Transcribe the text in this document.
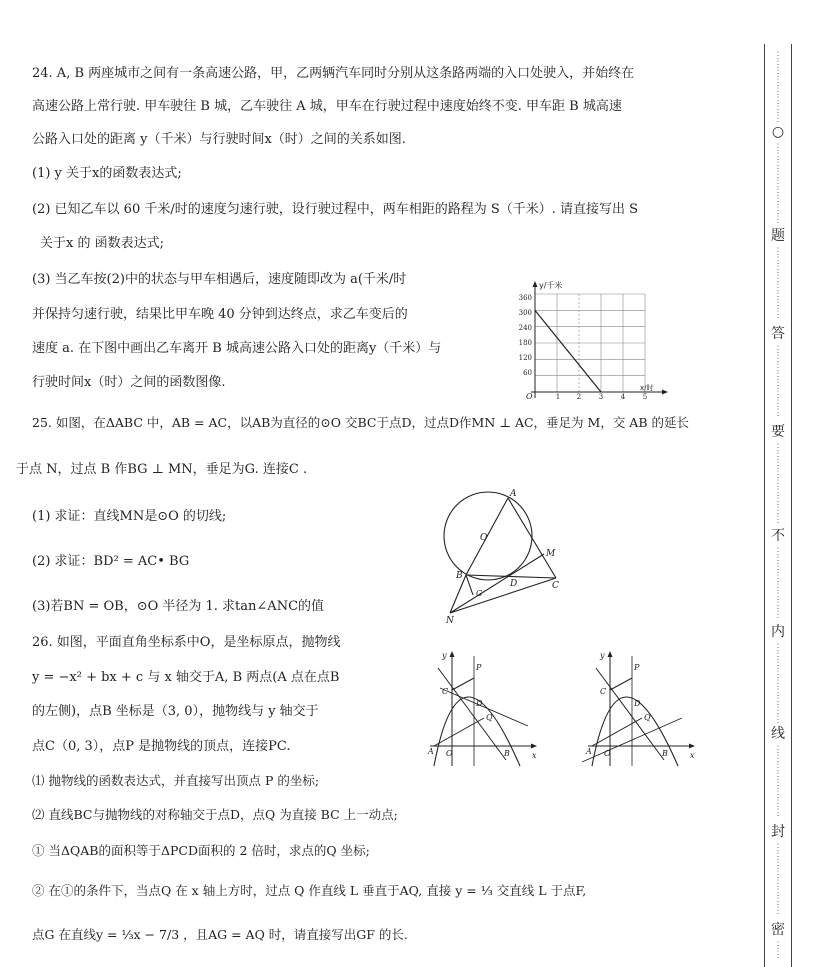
24. A, B 两座城市之间有一条高速公路，甲，乙两辆汽车同时分别从这条路两端的入口处驶入，并始终在
高速公路上常行驶. 甲车驶往 B 城，乙车驶往 A 城，甲车在行驶过程中速度始终不变. 甲车距 B 城高速
公路入口处的距离 y（千米）与行驶时间x（时）之间的关系如图.
(1) y 关于x的函数表达式;
(2) 已知乙车以 60 千米/时的速度匀速行驶，设行驶过程中，两车相距的路程为 S（千米）. 请直接写出 S
关于x 的 函数表达式;
(3) 当乙车按(2)中的状态与甲车相遇后，速度随即改为 a(千米/时
并保持匀速行驶，结果比甲车晚 40 分钟到达终点，求乙车变后的
速度 a. 在下图中画出乙车离开 B 城高速公路入口处的距离y（千米）与
行驶时间x（时）之间的函数图像.
y/千米
x/时
O
360
300
240
180
120
60
1 2	3	4	5
25. 如图，在ΔABC 中，AB = AC，以AB为直径的⊙O 交BC于点D，过点D作MN ⊥ AC，垂足为 M，交 AB 的延长
于点 N，过点 B 作BG ⊥ MN，垂足为G. 连接C .
(1) 求证：直线MN是⊙O 的切线;
(2) 求证：BD² = AC• BG
(3)若BN = OB，⊙O 半径为 1. 求tan∠ANC的值
A
O
M
B
D	C
G
N
26. 如图，平面直角坐标系中O，是坐标原点，抛物线
y = −x² + bx + c 与 x 轴交于A, B 两点(A 点在点B
的左侧)，点B 坐标是（3, 0），抛物线与 y 轴交于
点C（0, 3），点P 是抛物线的顶点，连接PC.
⑴ 抛物线的函数表达式，并直接写出顶点 P 的坐标;
⑵ 直线BC与抛物线的对称轴交于点D，点Q 为直接 BC 上一动点;
① 当ΔQAB的面积等于ΔPCD面积的 2 倍时，求点的Q 坐标;
② 在①的条件下，当点Q 在 x 轴上方时，过点 Q 作直线 L 垂直于AQ, 直接 y = ⅓ 交直线 L 于点F,
点G 在直线y = ⅓x − 7/3 ，且AG = AQ 时，请直接写出GF 的长.
y
x
P
C
D
Q
A O	B
y
x
P
C
D
Q
A O	B
⋮
⋮
⋮
⋮
⋮
⋮
⋮
⋮
○
⋮
⋮
⋮
⋮
⋮
⋮
⋮
⋮
⋮
题
⋮
⋮
⋮
⋮
⋮
⋮
⋮
⋮
答
⋮
⋮
⋮
⋮
⋮
⋮
⋮
⋮
要
⋮
⋮
⋮
⋮
⋮
⋮
⋮
⋮
⋮
不
⋮
⋮
⋮
⋮
⋮
⋮
⋮
⋮
内
⋮
⋮
⋮
⋮
⋮
⋮
⋮
⋮
⋮
线
⋮
⋮
⋮
⋮
⋮
⋮
⋮
⋮
封
⋮
⋮
⋮
⋮
⋮
⋮
⋮
⋮
密
⋮
⋮
